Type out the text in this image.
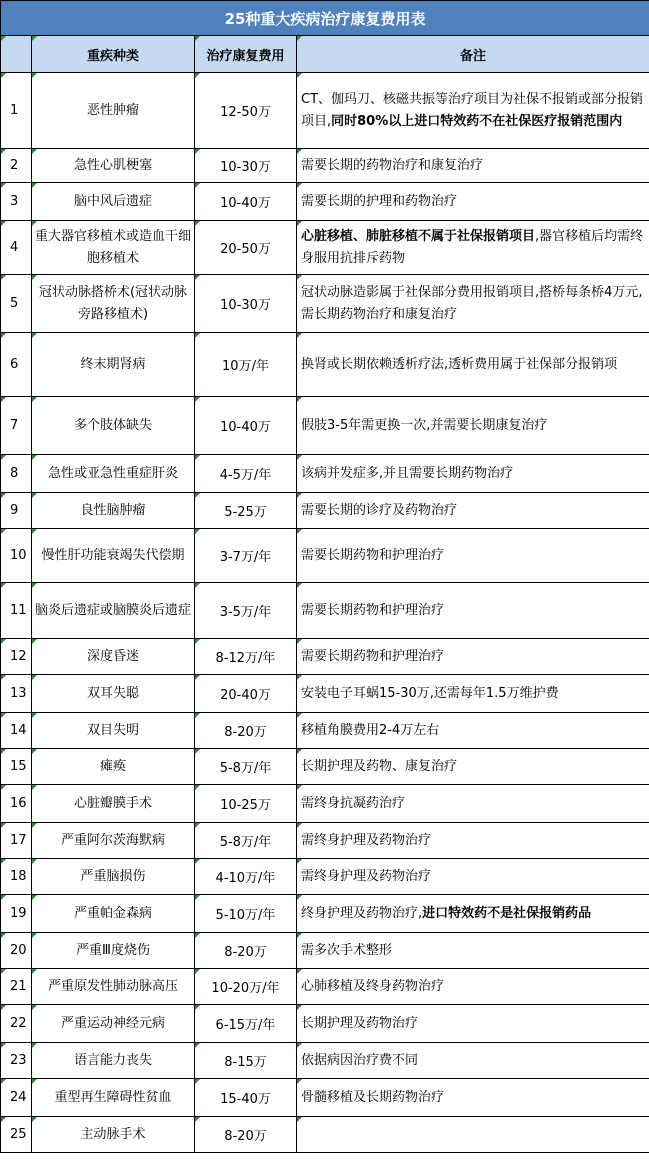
25种重大疾病治疗康复费用表			
	重疾种类	治疗康复费用	备注
1	恶性肿瘤	12-50万	CT、伽玛刀、核磁共振等治疗项目为社保不报销或部分报销项目,同时80%以上进口特效药不在社保医疗报销范围内
2	急性心肌梗塞	10-30万	需要长期的药物治疗和康复治疗
3	脑中风后遗症	10-40万	需要长期的护理和药物治疗
4	重大器官移植术或造血干细胞移植术	20-50万	心脏移植、肺脏移植不属于社保报销项目,器官移植后均需终身服用抗排斥药物
5	冠状动脉搭桥术(冠状动脉旁路移植术)	10-30万	冠状动脉造影属于社保部分费用报销项目,搭桥每条桥4万元,需长期药物治疗和康复治疗
6	终末期肾病	10万/年	换肾或长期依赖透析疗法,透析费用属于社保部分报销项
7	多个肢体缺失	10-40万	假肢3-5年需更换一次,并需要长期康复治疗
8	急性或亚急性重症肝炎	4-5万/年	该病并发症多,并且需要长期药物治疗
9	良性脑肿瘤	5-25万	需要长期的诊疗及药物治疗
10	慢性肝功能衰竭失代偿期	3-7万/年	需要长期药物和护理治疗
11	脑炎后遗症或脑膜炎后遗症	3-5万/年	需要长期药物和护理治疗
12	深度昏迷	8-12万/年	需要长期药物和护理治疗
13	双耳失聪	20-40万	安装电子耳蜗15-30万,还需每年1.5万维护费
14	双目失明	8-20万	移植角膜费用2-4万左右
15	瘫痪	5-8万/年	长期护理及药物、康复治疗
16	心脏瓣膜手术	10-25万	需终身抗凝药治疗
17	严重阿尔茨海默病	5-8万/年	需终身护理及药物治疗
18	严重脑损伤	4-10万/年	需终身护理及药物治疗
19	严重帕金森病	5-10万/年	终身护理及药物治疗,进口特效药不是社保报销药品
20	严重Ⅲ度烧伤	8-20万	需多次手术整形
21	严重原发性肺动脉高压	10-20万/年	心肺移植及终身药物治疗
22	严重运动神经元病	6-15万/年	长期护理及药物治疗
23	语言能力丧失	8-15万	依据病因治疗费不同
24	重型再生障碍性贫血	15-40万	骨髓移植及长期药物治疗
25	主动脉手术	8-20万	
